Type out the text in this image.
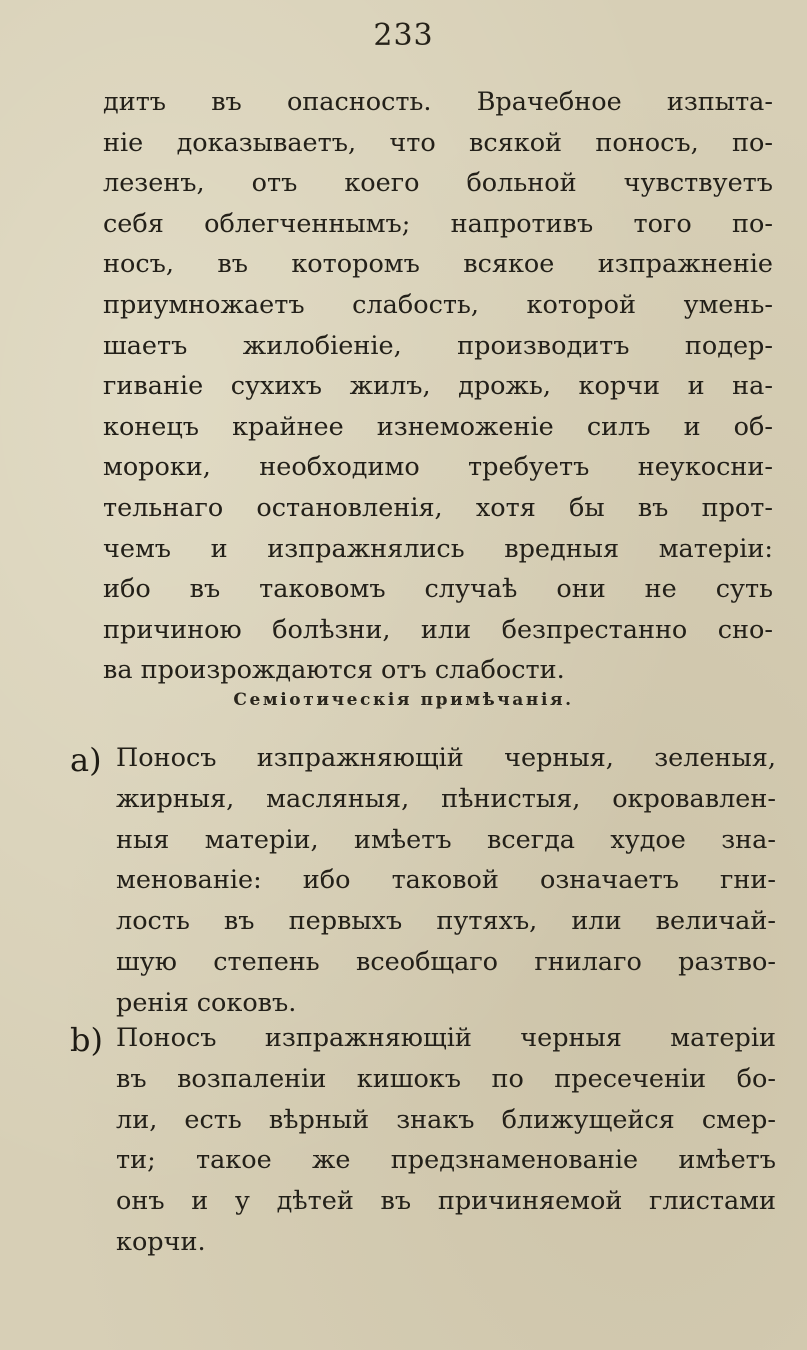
233
дитъ въ опасность. Врачебное изпыта-
ніе доказываетъ, что всякой поносъ, по-
лезенъ, отъ коего больной чувствуетъ
себя облегченнымъ; напротивъ того по-
носъ, въ которомъ всякое изпражненіе
приумножаетъ слабость, которой умень-
шаетъ жилобіеніе, производитъ подер-
гиваніе сухихъ жилъ, дрожь, корчи и на-
конецъ крайнее изнеможеніе силъ и об-
мороки, необходимо требуетъ неукосни-
тельнаго остановленія, хотя бы въ прот-
чемъ и изпражнялись вредныя матеріи:
ибо въ таковомъ случаѣ они не суть
причиною болѣзни, или безпрестанно сно-
ва произрождаются отъ слабости.
Семіотическія примѣчанія.
a) Поносъ изпражняющій черныя, зеленыя,
жирныя, масляныя, пѣнистыя, окровавлен-
ныя матеріи, имѣетъ всегда худое зна-
менованіе: ибо таковой означаетъ гни-
лость въ первыхъ путяхъ, или величай-
шую степень всеобщаго гнилаго разтво-
ренія соковъ.
b) Поносъ изпражняющій черныя матеріи
въ возпаленіи кишокъ по пресеченіи бо-
ли, есть вѣрный знакъ ближущейся смер-
ти; такое же предзнаменованіе имѣетъ
онъ и у дѣтей въ причиняемой глистами
корчи.
